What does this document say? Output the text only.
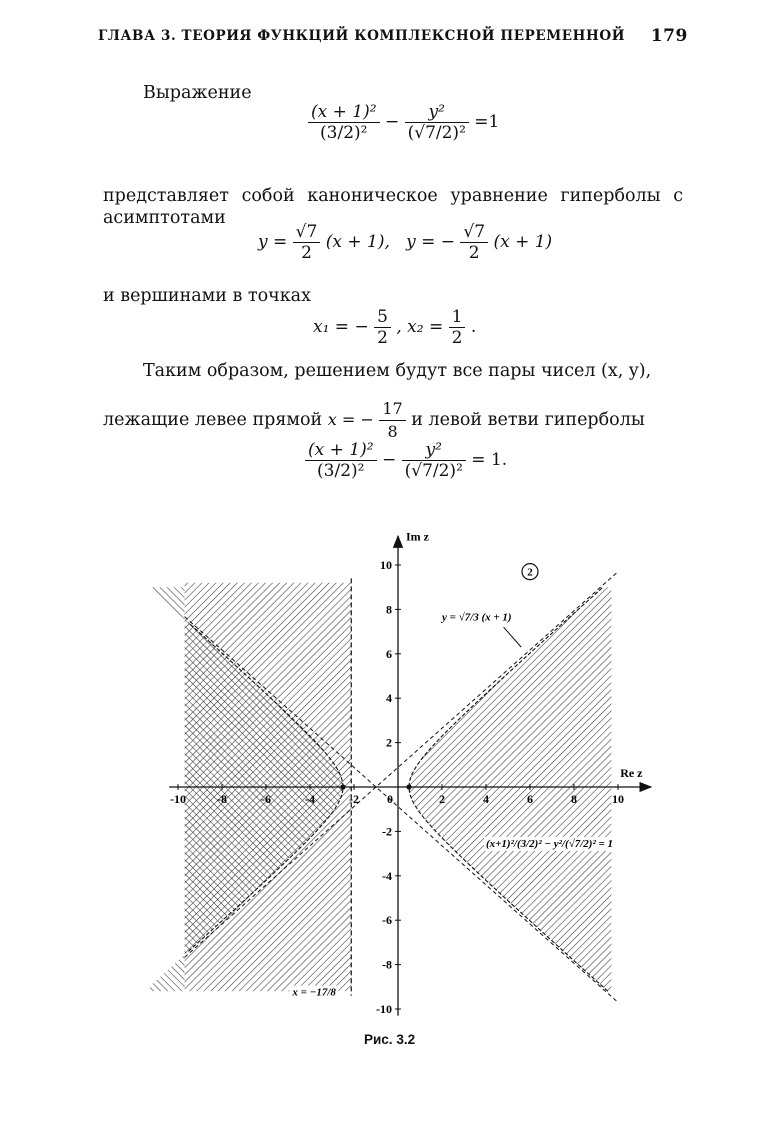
ГЛАВА 3. ТЕОРИЯ ФУНКЦИЙ КОМПЛЕКСНОЙ ПЕРЕМЕННОЙ 179
Выражение
$\frac{\text{(x + 1)²}}{\text{(3/2)²}} - \frac{\text{y²}}{\text{(√7/2)²}} =1$
представляет собой каноническое уравнение гиперболы с асимптотами
$y = \frac{√7}{2} (x + 1)$, y = − $\frac{√7}{2} (x + 1)$
и вершинами в точках
x₁ = − $\frac{5}{2}$ , $x_2 = \frac{1}{2}$ .
Таким образом, решением будут все пары чисел (x, y),
лежащие левее прямой x = − $\frac{17}{8}$ и левой ветви гиперболы
$\frac{\text{(x + 1)²}}{\text{(3/2)²}} - \frac{\text{y²}}{\text{(√7/2)²}} = 1$.
-10	-8	-6	-4	-2 0	2	4	6	8	10
10
8
6
4
2
-2
-4
-6
-8
-10
Im z
Re z
2
y = √7/3 (x + 1)
(x+1)²/(3/2)² − y²/(√7/2)² = 1
x = −17/8
Рис. 3.2
